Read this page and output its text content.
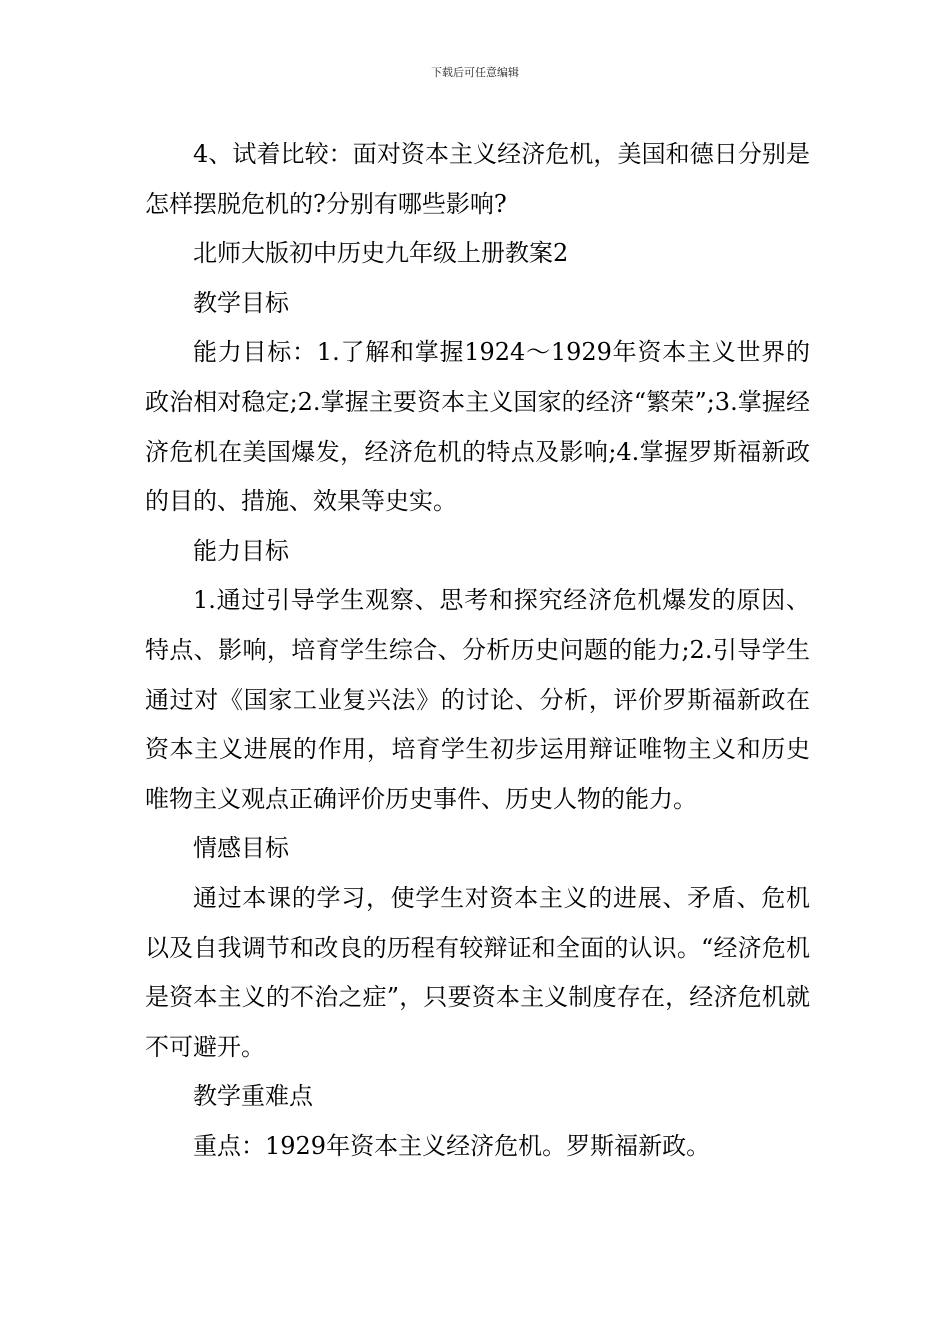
下载后可任意编辑

4、试着比较：面对资本主义经济危机，美国和德日分别是怎样摆脱危机的?分别有哪些影响?

北师大版初中历史九年级上册教案2

教学目标

能力目标：1.了解和掌握1924～1929年资本主义世界的政治相对稳定;2.掌握主要资本主义国家的经济“繁荣”;3.掌握经济危机在美国爆发，经济危机的特点及影响;4.掌握罗斯福新政的目的、措施、效果等史实。

能力目标

1.通过引导学生观察、思考和探究经济危机爆发的原因、特点、影响，培育学生综合、分析历史问题的能力;2.引导学生通过对《国家工业复兴法》的讨论、分析，评价罗斯福新政在资本主义进展的作用，培育学生初步运用辩证唯物主义和历史唯物主义观点正确评价历史事件、历史人物的能力。

情感目标

通过本课的学习，使学生对资本主义的进展、矛盾、危机以及自我调节和改良的历程有较辩证和全面的认识。“经济危机是资本主义的不治之症”，只要资本主义制度存在，经济危机就不可避开。

教学重难点

重点：1929年资本主义经济危机。罗斯福新政。
